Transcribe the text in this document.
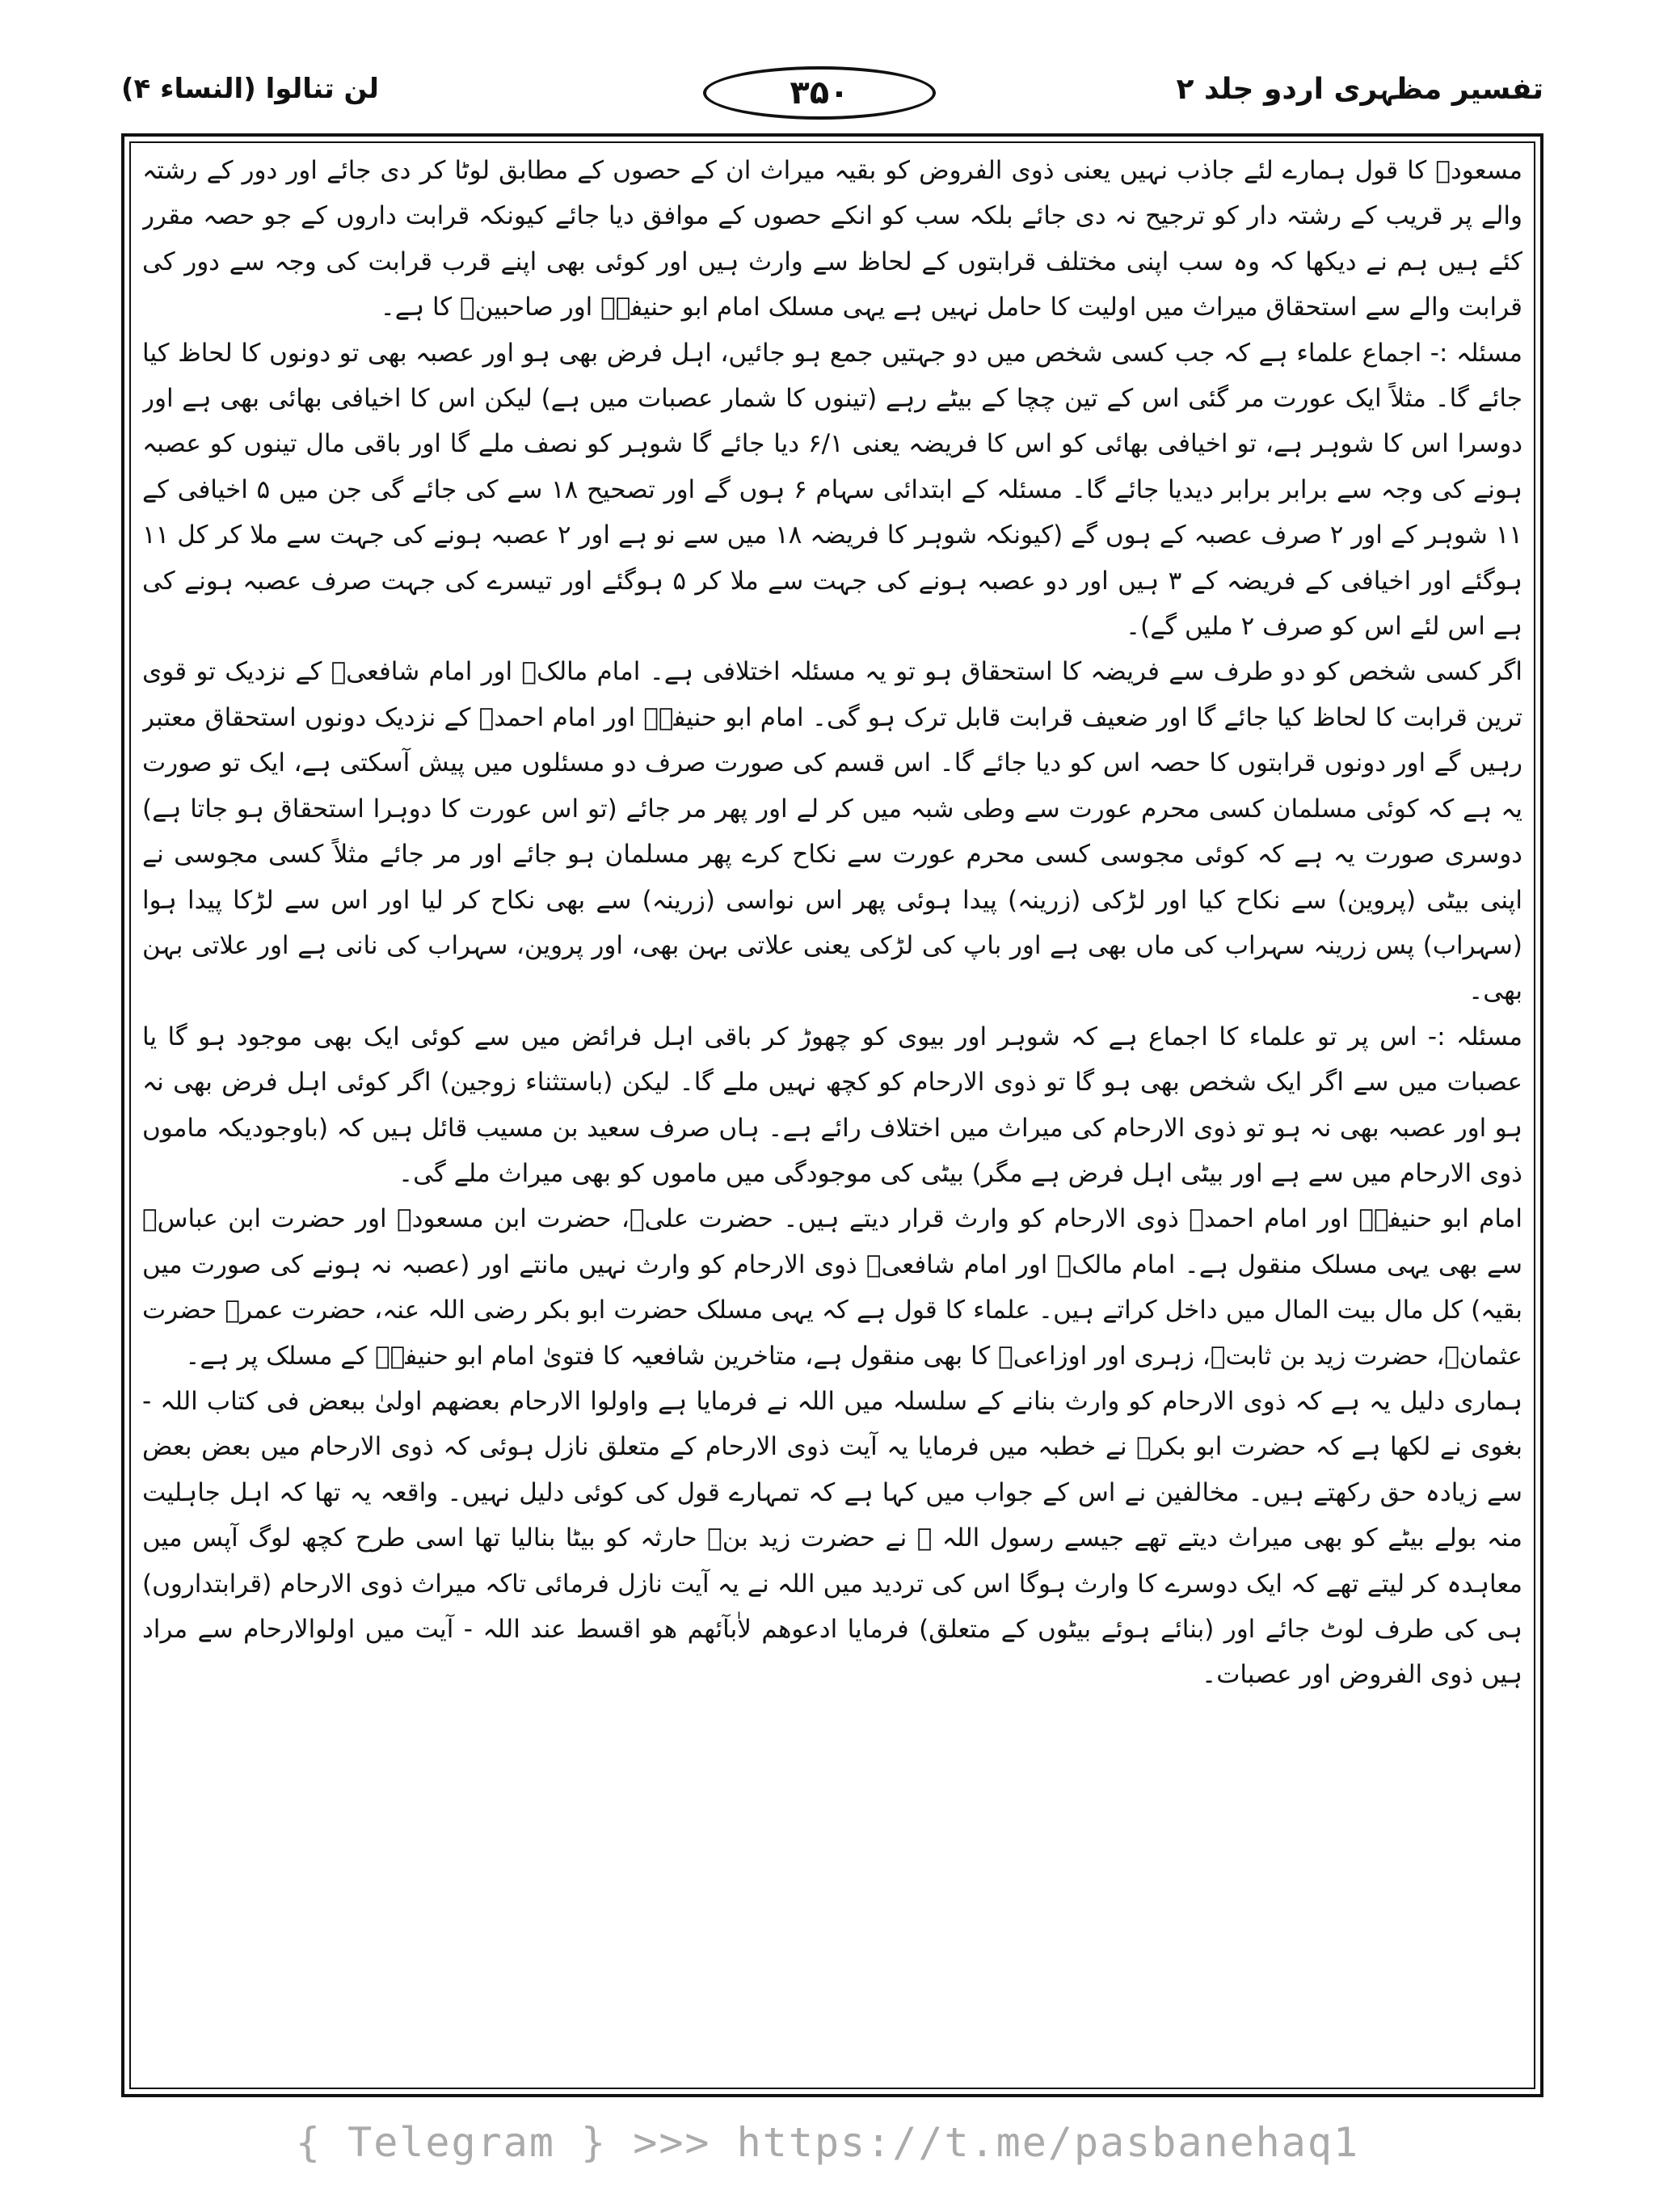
لن تنالوا (النساء ۴)	۳۵۰	تفسیر مظہری اردو جلد ۲

مسعودؓ کا قول ہمارے لئے جاذب نہیں یعنی ذوی الفروض کو بقیہ میراث ان کے حصوں کے مطابق لوٹا کر دی جائے اور دور کے رشتہ والے پر قریب کے رشتہ دار کو ترجیح نہ دی جائے بلکہ سب کو انکے حصوں کے موافق دیا جائے کیونکہ قرابت داروں کے جو حصہ مقرر کئے ہیں ہم نے دیکھا کہ وہ سب اپنی مختلف قرابتوں کے لحاظ سے وارث ہیں اور کوئی بھی اپنے قرب قرابت کی وجہ سے دور کی قرابت والے سے استحقاق میراث میں اولیت کا حامل نہیں ہے یہی مسلک امام ابو حنیفہؒ اور صاحبینؒ کا ہے۔

مسئلہ :- اجماع علماء ہے کہ جب کسی شخص میں دو جہتیں جمع ہو جائیں، اہل فرض بھی ہو اور عصبہ بھی تو دونوں کا لحاظ کیا جائے گا۔ مثلاً ایک عورت مر گئی اس کے تین چچا کے بیٹے رہے (تینوں کا شمار عصبات میں ہے) لیکن اس کا اخیافی بھائی بھی ہے اور دوسرا اس کا شوہر ہے، تو اخیافی بھائی کو اس کا فریضہ یعنی ۶/۱ دیا جائے گا شوہر کو نصف ملے گا اور باقی مال تینوں کو عصبہ ہونے کی وجہ سے برابر برابر دیدیا جائے گا۔ مسئلہ کے ابتدائی سہام ۶ ہوں گے اور تصحیح ۱۸ سے کی جائے گی جن میں ۵ اخیافی کے ۱۱ شوہر کے اور ۲ صرف عصبہ کے ہوں گے (کیونکہ شوہر کا فریضہ ۱۸ میں سے نو ہے اور ۲ عصبہ ہونے کی جہت سے ملا کر کل ۱۱ ہوگئے اور اخیافی کے فریضہ کے ۳ ہیں اور دو عصبہ ہونے کی جہت سے ملا کر ۵ ہوگئے اور تیسرے کی جہت صرف عصبہ ہونے کی ہے اس لئے اس کو صرف ۲ ملیں گے)۔

اگر کسی شخص کو دو طرف سے فریضہ کا استحقاق ہو تو یہ مسئلہ اختلافی ہے۔ امام مالکؒ اور امام شافعیؒ کے نزدیک تو قوی ترین قرابت کا لحاظ کیا جائے گا اور ضعیف قرابت قابل ترک ہو گی۔ امام ابو حنیفہؒ اور امام احمدؒ کے نزدیک دونوں استحقاق معتبر رہیں گے اور دونوں قرابتوں کا حصہ اس کو دیا جائے گا۔ اس قسم کی صورت صرف دو مسئلوں میں پیش آسکتی ہے، ایک تو صورت یہ ہے کہ کوئی مسلمان کسی محرم عورت سے وطی شبہ میں کر لے اور پھر مر جائے (تو اس عورت کا دوہرا استحقاق ہو جاتا ہے) دوسری صورت یہ ہے کہ کوئی مجوسی کسی محرم عورت سے نکاح کرے پھر مسلمان ہو جائے اور مر جائے مثلاً کسی مجوسی نے اپنی بیٹی (پروین) سے نکاح کیا اور لڑکی (زرینہ) پیدا ہوئی پھر اس نواسی (زرینہ) سے بھی نکاح کر لیا اور اس سے لڑکا پیدا ہوا (سہراب) پس زرینہ سہراب کی ماں بھی ہے اور باپ کی لڑکی یعنی علاتی بہن بھی، اور پروین، سہراب کی نانی ہے اور علاتی بہن بھی۔

مسئلہ :- اس پر تو علماء کا اجماع ہے کہ شوہر اور بیوی کو چھوڑ کر باقی اہل فرائض میں سے کوئی ایک بھی موجود ہو گا یا عصبات میں سے اگر ایک شخص بھی ہو گا تو ذوی الارحام کو کچھ نہیں ملے گا۔ لیکن (باستثناء زوجین) اگر کوئی اہل فرض بھی نہ ہو اور عصبہ بھی نہ ہو تو ذوی الارحام کی میراث میں اختلاف رائے ہے۔ ہاں صرف سعید بن مسیب قائل ہیں کہ (باوجودیکہ ماموں ذوی الارحام میں سے ہے اور بیٹی اہل فرض ہے مگر) بیٹی کی موجودگی میں ماموں کو بھی میراث ملے گی۔

امام ابو حنیفہؒ اور امام احمدؒ ذوی الارحام کو وارث قرار دیتے ہیں۔ حضرت علیؓ، حضرت ابن مسعودؓ اور حضرت ابن عباسؓ سے بھی یہی مسلک منقول ہے۔ امام مالکؒ اور امام شافعیؒ ذوی الارحام کو وارث نہیں مانتے اور (عصبہ نہ ہونے کی صورت میں بقیہ) کل مال بیت المال میں داخل کراتے ہیں۔ علماء کا قول ہے کہ یہی مسلک حضرت ابو بکر رضی اللہ عنہ، حضرت عمرؓ حضرت عثمانؓ، حضرت زید بن ثابتؓ، زہری اور اوزاعیؒ کا بھی منقول ہے، متاخرین شافعیہ کا فتویٰ امام ابو حنیفہؒ کے مسلک پر ہے۔

ہماری دلیل یہ ہے کہ ذوی الارحام کو وارث بنانے کے سلسلہ میں اللہ نے فرمایا ہے واولوا الارحام بعضھم اولیٰ ببعض فی کتاب اللہ - بغوی نے لکھا ہے کہ حضرت ابو بکرؓ نے خطبہ میں فرمایا یہ آیت ذوی الارحام کے متعلق نازل ہوئی کہ ذوی الارحام میں بعض بعض سے زیادہ حق رکھتے ہیں۔ مخالفین نے اس کے جواب میں کہا ہے کہ تمہارے قول کی کوئی دلیل نہیں۔ واقعہ یہ تھا کہ اہل جاہلیت منہ بولے بیٹے کو بھی میراث دیتے تھے جیسے رسول اللہ ﷺ نے حضرت زید بنؓ حارثہ کو بیٹا بنالیا تھا اسی طرح کچھ لوگ آپس میں معاہدہ کر لیتے تھے کہ ایک دوسرے کا وارث ہوگا اس کی تردید میں اللہ نے یہ آیت نازل فرمائی تاکہ میراث ذوی الارحام (قرابتداروں) ہی کی طرف لوٹ جائے اور (بنائے ہوئے بیٹوں کے متعلق) فرمایا ادعوھم لاٰبآئھم ھو اقسط عند اللہ - آیت میں اولوالارحام سے مراد ہیں ذوی الفروض اور عصبات۔

{ Telegram } >>> https://t.me/pasbanehaq1
